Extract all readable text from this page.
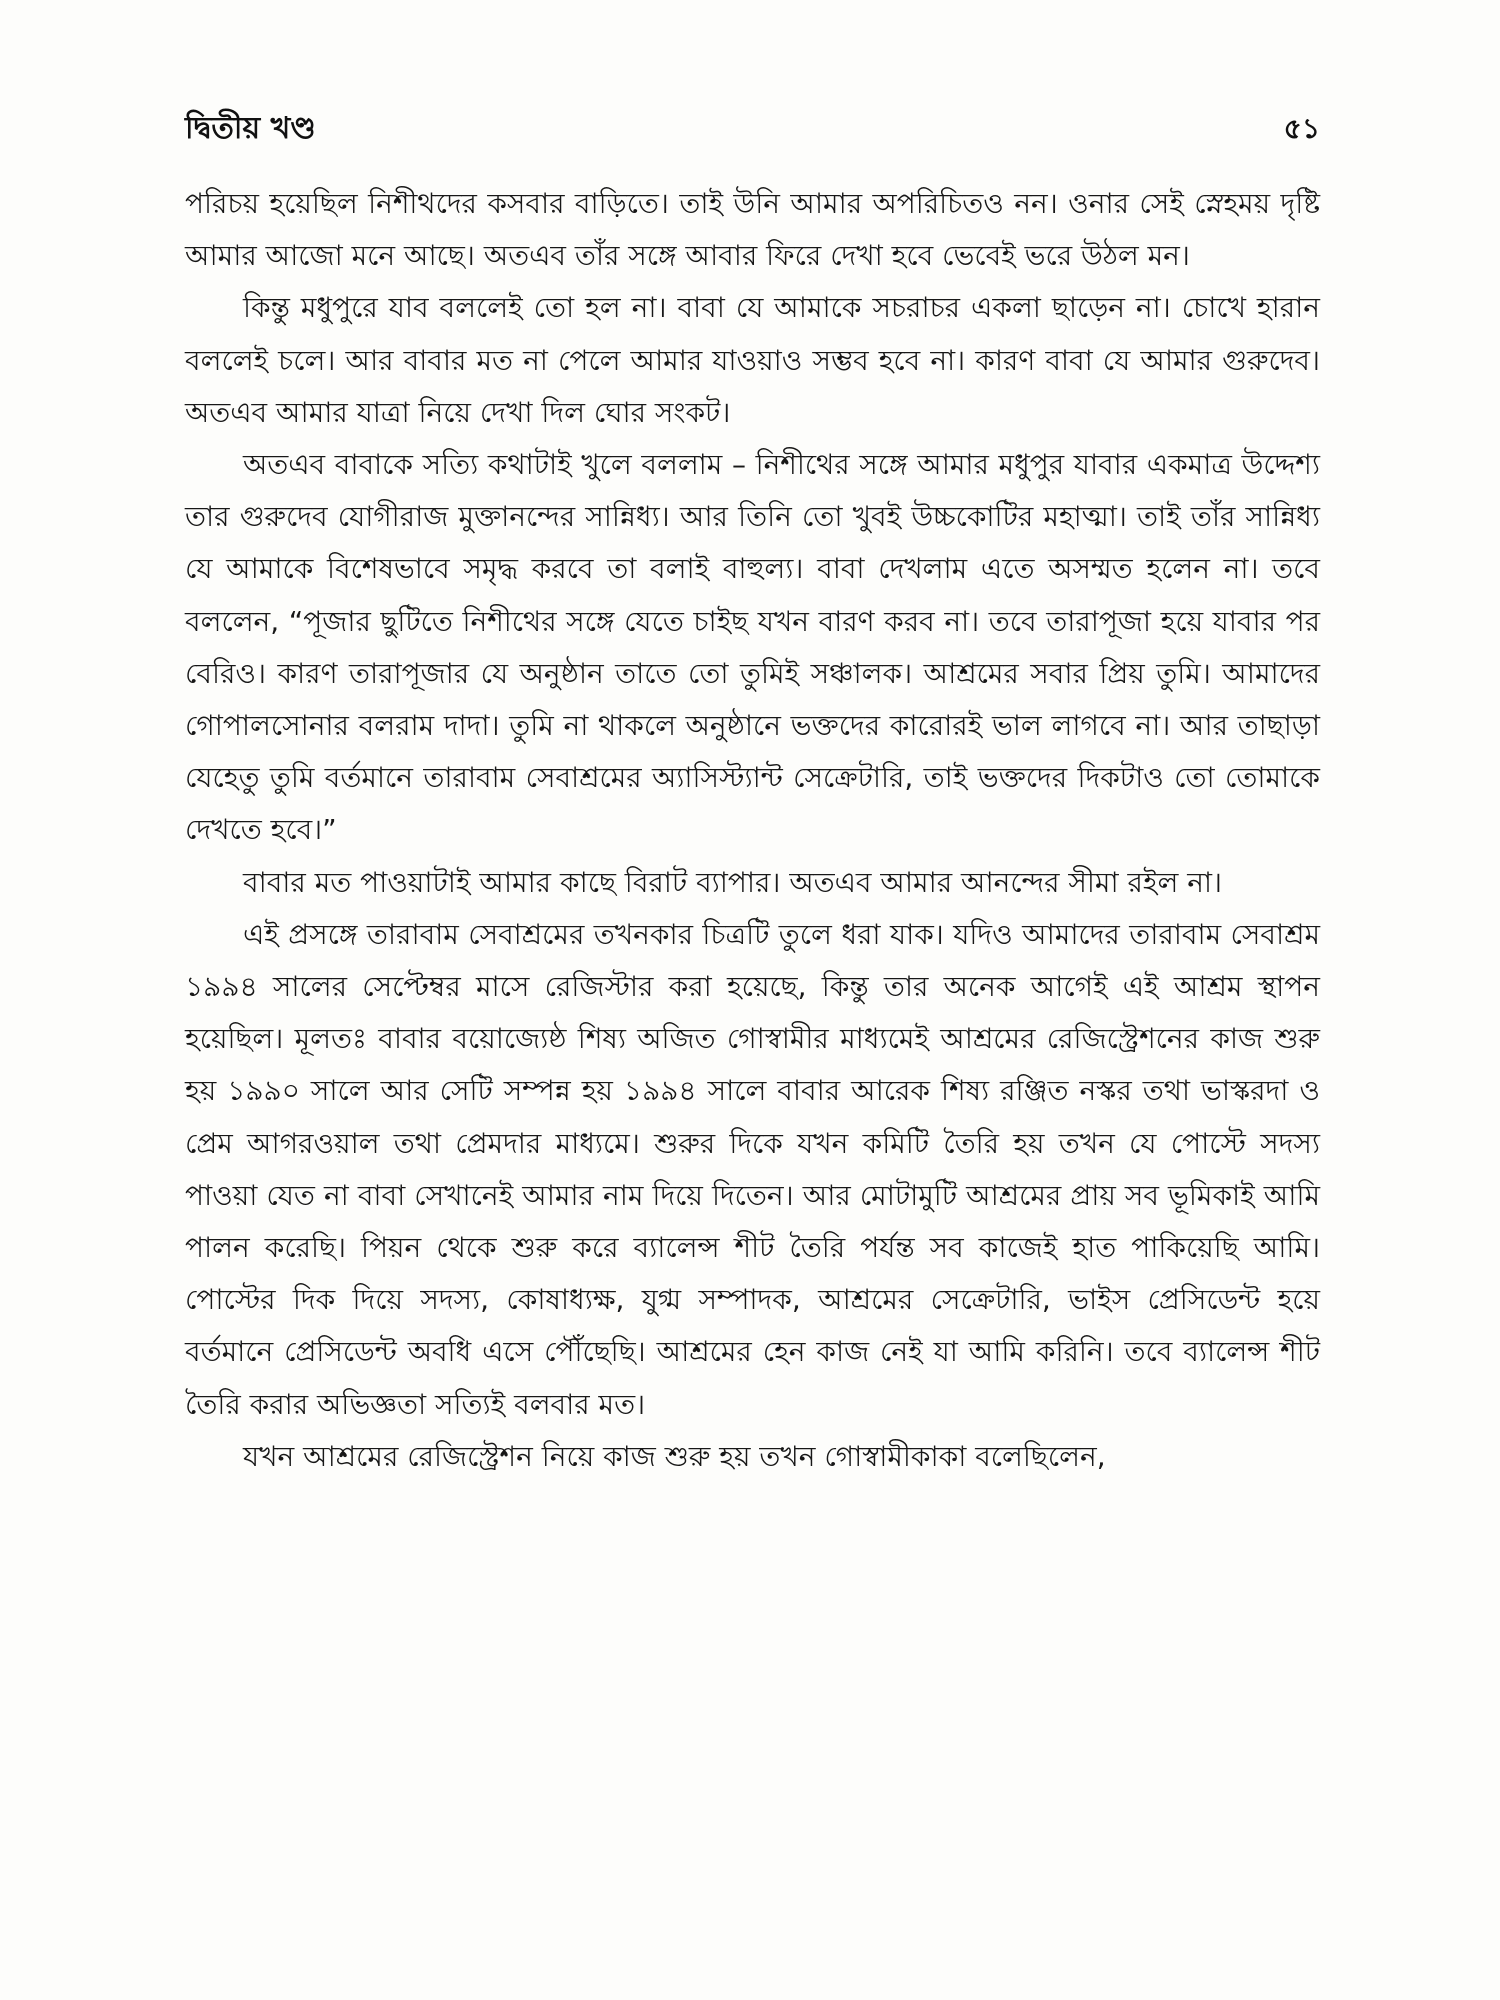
দ্বিতীয় খণ্ড	৫১

পরিচয় হয়েছিল নিশীথদের কসবার বাড়িতে। তাই উনি আমার অপরিচিতও নন। ওনার সেই স্নেহময় দৃষ্টি আমার আজো মনে আছে। অতএব তাঁর সঙ্গে আবার ফিরে দেখা হবে ভেবেই ভরে উঠল মন।

কিন্তু মধুপুরে যাব বললেই তো হল না। বাবা যে আমাকে সচরাচর একলা ছাড়েন না। চোখে হারান বললেই চলে। আর বাবার মত না পেলে আমার যাওয়াও সম্ভব হবে না। কারণ বাবা যে আমার গুরুদেব। অতএব আমার যাত্রা নিয়ে দেখা দিল ঘোর সংকট।

অতএব বাবাকে সত্যি কথাটাই খুলে বললাম – নিশীথের সঙ্গে আমার মধুপুর যাবার একমাত্র উদ্দেশ্য তার গুরুদেব যোগীরাজ মুক্তানন্দের সান্নিধ্য। আর তিনি তো খুবই উচ্চকোটির মহাত্মা। তাই তাঁর সান্নিধ্য যে আমাকে বিশেষভাবে সমৃদ্ধ করবে তা বলাই বাহুল্য। বাবা দেখলাম এতে অসম্মত হলেন না। তবে বললেন, “পূজার ছুটিতে নিশীথের সঙ্গে যেতে চাইছ যখন বারণ করব না। তবে তারাপূজা হয়ে যাবার পর বেরিও। কারণ তারাপূজার যে অনুষ্ঠান তাতে তো তুমিই সঞ্চালক। আশ্রমের সবার প্রিয় তুমি। আমাদের গোপালসোনার বলরাম দাদা। তুমি না থাকলে অনুষ্ঠানে ভক্তদের কারোরই ভাল লাগবে না। আর তাছাড়া যেহেতু তুমি বর্তমানে তারাবাম সেবাশ্রমের অ্যাসিস্ট্যান্ট সেক্রেটারি, তাই ভক্তদের দিকটাও তো তোমাকে দেখতে হবে।”

বাবার মত পাওয়াটাই আমার কাছে বিরাট ব্যাপার। অতএব আমার আনন্দের সীমা রইল না।

এই প্রসঙ্গে তারাবাম সেবাশ্রমের তখনকার চিত্রটি তুলে ধরা যাক। যদিও আমাদের তারাবাম সেবাশ্রম ১৯৯৪ সালের সেপ্টেম্বর মাসে রেজিস্টার করা হয়েছে, কিন্তু তার অনেক আগেই এই আশ্রম স্থাপন হয়েছিল। মূলতঃ বাবার বয়োজ্যেষ্ঠ শিষ্য অজিত গোস্বামীর মাধ্যমেই আশ্রমের রেজিস্ট্রেশনের কাজ শুরু হয় ১৯৯০ সালে আর সেটি সম্পন্ন হয় ১৯৯৪ সালে বাবার আরেক শিষ্য রঞ্জিত নস্কর তথা ভাস্করদা ও প্রেম আগরওয়াল তথা প্রেমদার মাধ্যমে। শুরুর দিকে যখন কমিটি তৈরি হয় তখন যে পোস্টে সদস্য পাওয়া যেত না বাবা সেখানেই আমার নাম দিয়ে দিতেন। আর মোটামুটি আশ্রমের প্রায় সব ভূমিকাই আমি পালন করেছি। পিয়ন থেকে শুরু করে ব্যালেন্স শীট তৈরি পর্যন্ত সব কাজেই হাত পাকিয়েছি আমি। পোস্টের দিক দিয়ে সদস্য, কোষাধ্যক্ষ, যুগ্ম সম্পাদক, আশ্রমের সেক্রেটারি, ভাইস প্রেসিডেন্ট হয়ে বর্তমানে প্রেসিডেন্ট অবধি এসে পৌঁছেছি। আশ্রমের হেন কাজ নেই যা আমি করিনি। তবে ব্যালেন্স শীট তৈরি করার অভিজ্ঞতা সত্যিই বলবার মত।

যখন আশ্রমের রেজিস্ট্রেশন নিয়ে কাজ শুরু হয় তখন গোস্বামীকাকা বলেছিলেন,
